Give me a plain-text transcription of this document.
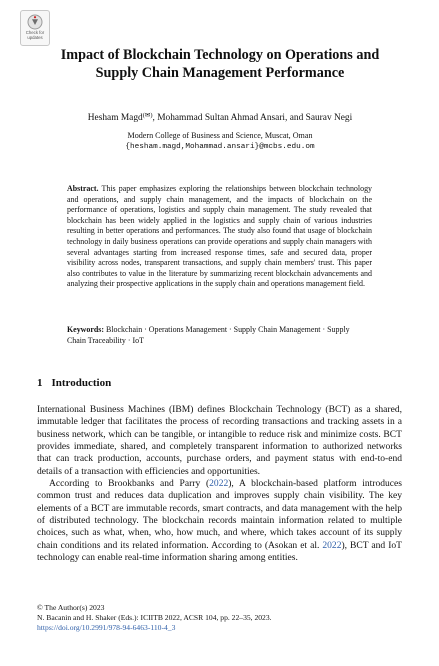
Check for
updates
Impact of Blockchain Technology on Operations and Supply Chain Management Performance
Hesham Magd(✉), Mohammad Sultan Ahmad Ansari, and Saurav Negi
Modern College of Business and Science, Muscat, Oman
{hesham.magd,Mohammad.ansari}@mcbs.edu.om
Abstract. This paper emphasizes exploring the relationships between blockchain technology and operations, and supply chain management, and the impacts of blockchain on the performance of operations, logistics and supply chain management. The study revealed that blockchain has been widely applied in the logistics and supply chain of various industries resulting in better operations and performances. The study also found that usage of blockchain technology in daily business operations can provide operations and supply chain managers with several advantages starting from increased response times, safe and secured data, proper visibility across nodes, transparent transactions, and supply chain members' trust. This paper also contributes to value in the literature by summarizing recent blockchain advancements and analyzing their prospective applications in the supply chain and operations management field.
Keywords: Blockchain · Operations Management · Supply Chain Management · Supply Chain Traceability · IoT
1 Introduction

International Business Machines (IBM) defines Blockchain Technology (BCT) as a shared, immutable ledger that facilitates the process of recording transactions and tracking assets in a business network, which can be tangible, or intangible to reduce risk and minimize costs. BCT provides immediate, shared, and completely transparent information to authorized networks that can track production, accounts, purchase orders, and payment status with end-to-end details of a transaction with efficiencies and opportunities.

According to Brookbanks and Parry (2022), A blockchain-based platform introduces common trust and reduces data duplication and improves supply chain visibility. The key elements of a BCT are immutable records, smart contracts, and data management with the help of distributed technology. The blockchain records maintain information related to multiple choices, such as what, when, who, how much, and where, which takes account of its supply chain conditions and its related information. According to (Asokan et al. 2022), BCT and IoT technology can enable real-time information sharing among entities.

© The Author(s) 2023
N. Bacanin and H. Shaker (Eds.): ICIITB 2022, ACSR 104, pp. 22–35, 2023.
https://doi.org/10.2991/978-94-6463-110-4_3
